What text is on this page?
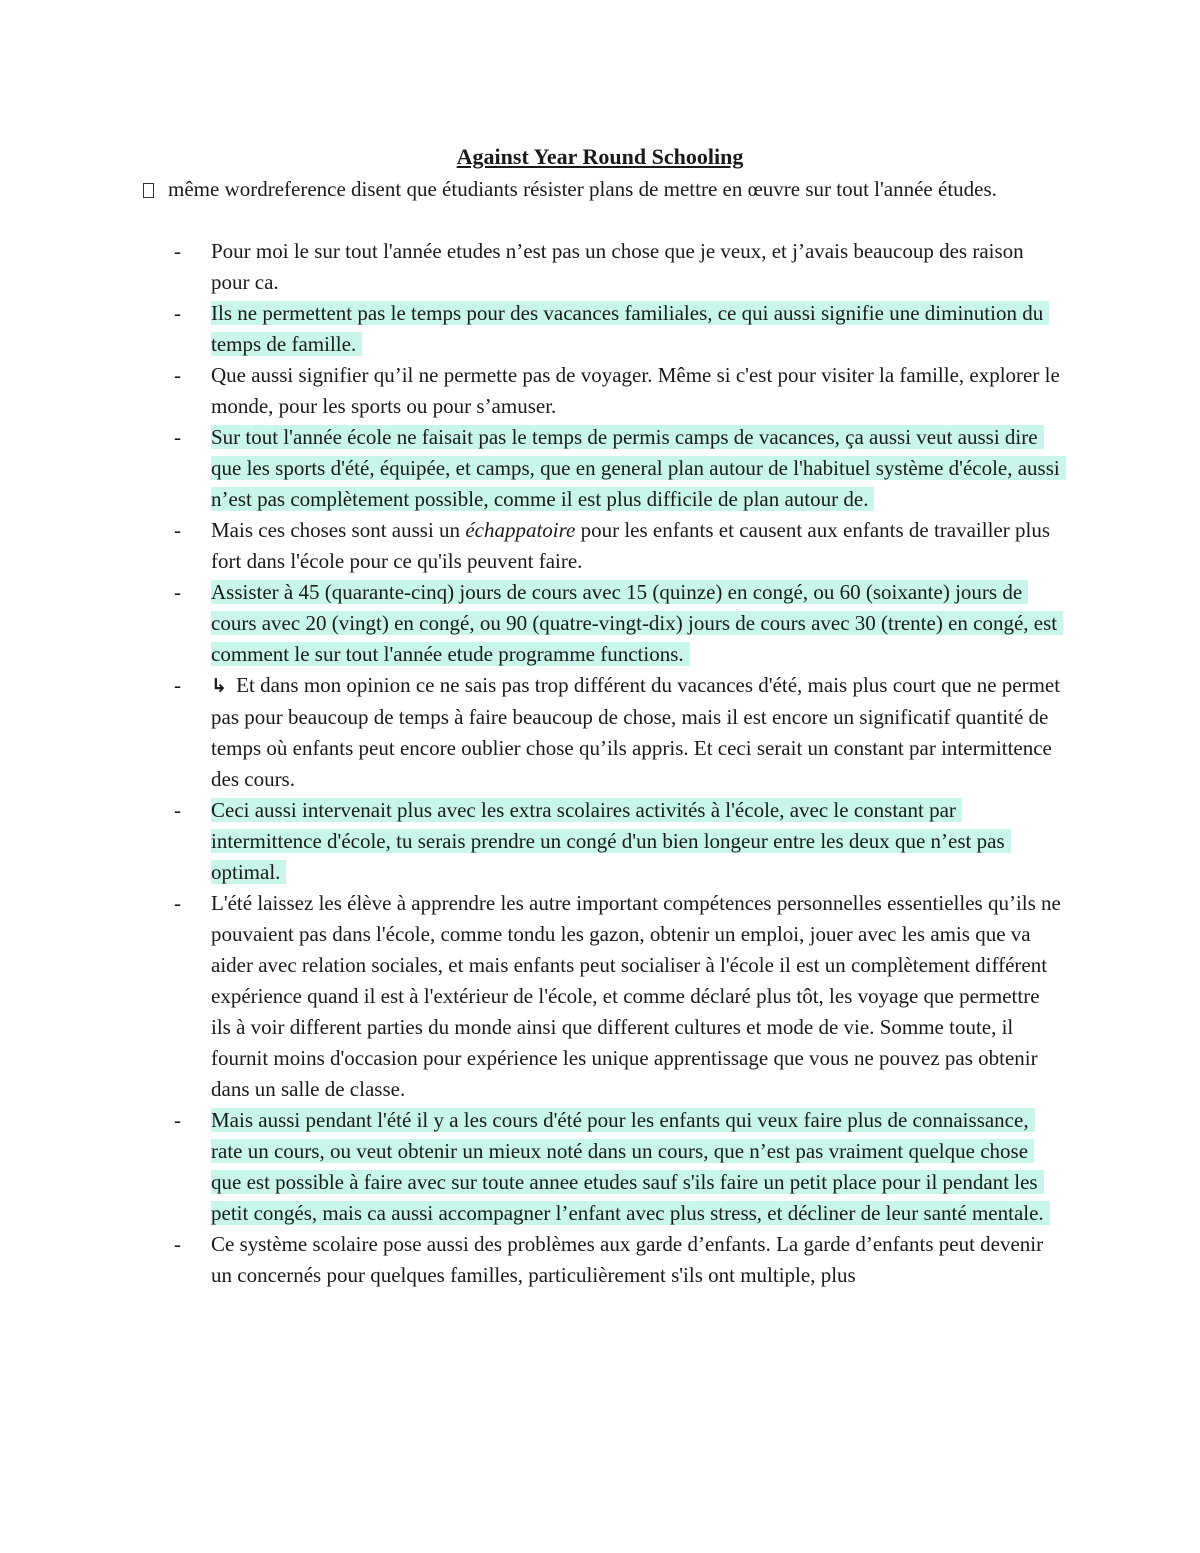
Against Year Round Schooling
même wordreference disent que étudiants résister plans de mettre en œuvre sur tout l'année études.
- Pour moi le sur tout l'année etudes n’est pas un chose que je veux, et j’avais beaucoup des raison pour ca.
- Ils ne permettent pas le temps pour des vacances familiales, ce qui aussi signifie une diminution du temps de famille.
- Que aussi signifier qu’il ne permette pas de voyager. Même si c'est pour visiter la famille, explorer le monde, pour les sports ou pour s’amuser.
- Sur tout l'année école ne faisait pas le temps de permis camps de vacances, ça aussi veut aussi dire que les sports d'été, équipée, et camps, que en general plan autour de l'habituel système d'école, aussi n’est pas complètement possible, comme il est plus difficile de plan autour de.
- Mais ces choses sont aussi un échappatoire pour les enfants et causent aux enfants de travailler plus fort dans l'école pour ce qu'ils peuvent faire.
- Assister à 45 (quarante-cinq) jours de cours avec 15 (quinze) en congé, ou 60 (soixante) jours de cours avec 20 (vingt) en congé, ou 90 (quatre-vingt-dix) jours de cours avec 30 (trente) en congé, est comment le sur tout l'année etude programme functions.
- ↳ Et dans mon opinion ce ne sais pas trop différent du vacances d'été, mais plus court que ne permet pas pour beaucoup de temps à faire beaucoup de chose, mais il est encore un significatif quantité de temps où enfants peut encore oublier chose qu’ils appris. Et ceci serait un constant par intermittence des cours.
- Ceci aussi intervenait plus avec les extra scolaires activités à l'école, avec le constant par intermittence d'école, tu serais prendre un congé d'un bien longeur entre les deux que n’est pas optimal.
- L'été laissez les élève à apprendre les autre important compétences personnelles essentielles qu’ils ne pouvaient pas dans l'école, comme tondu les gazon, obtenir un emploi, jouer avec les amis que va aider avec relation sociales, et mais enfants peut socialiser à l'école il est un complètement différent expérience quand il est à l'extérieur de l'école, et comme déclaré plus tôt, les voyage que permettre ils à voir different parties du monde ainsi que different cultures et mode de vie. Somme toute, il fournit moins d'occasion pour expérience les unique apprentissage que vous ne pouvez pas obtenir dans un salle de classe.
- Mais aussi pendant l'été il y a les cours d'été pour les enfants qui veux faire plus de connaissance, rate un cours, ou veut obtenir un mieux noté dans un cours, que n’est pas vraiment quelque chose que est possible à faire avec sur toute annee etudes sauf s'ils faire un petit place pour il pendant les petit congés, mais ca aussi accompagner l’enfant avec plus stress, et décliner de leur santé mentale.
- Ce système scolaire pose aussi des problèmes aux garde d’enfants. La garde d’enfants peut devenir un concernés pour quelques familles, particulièrement s'ils ont multiple, plus
